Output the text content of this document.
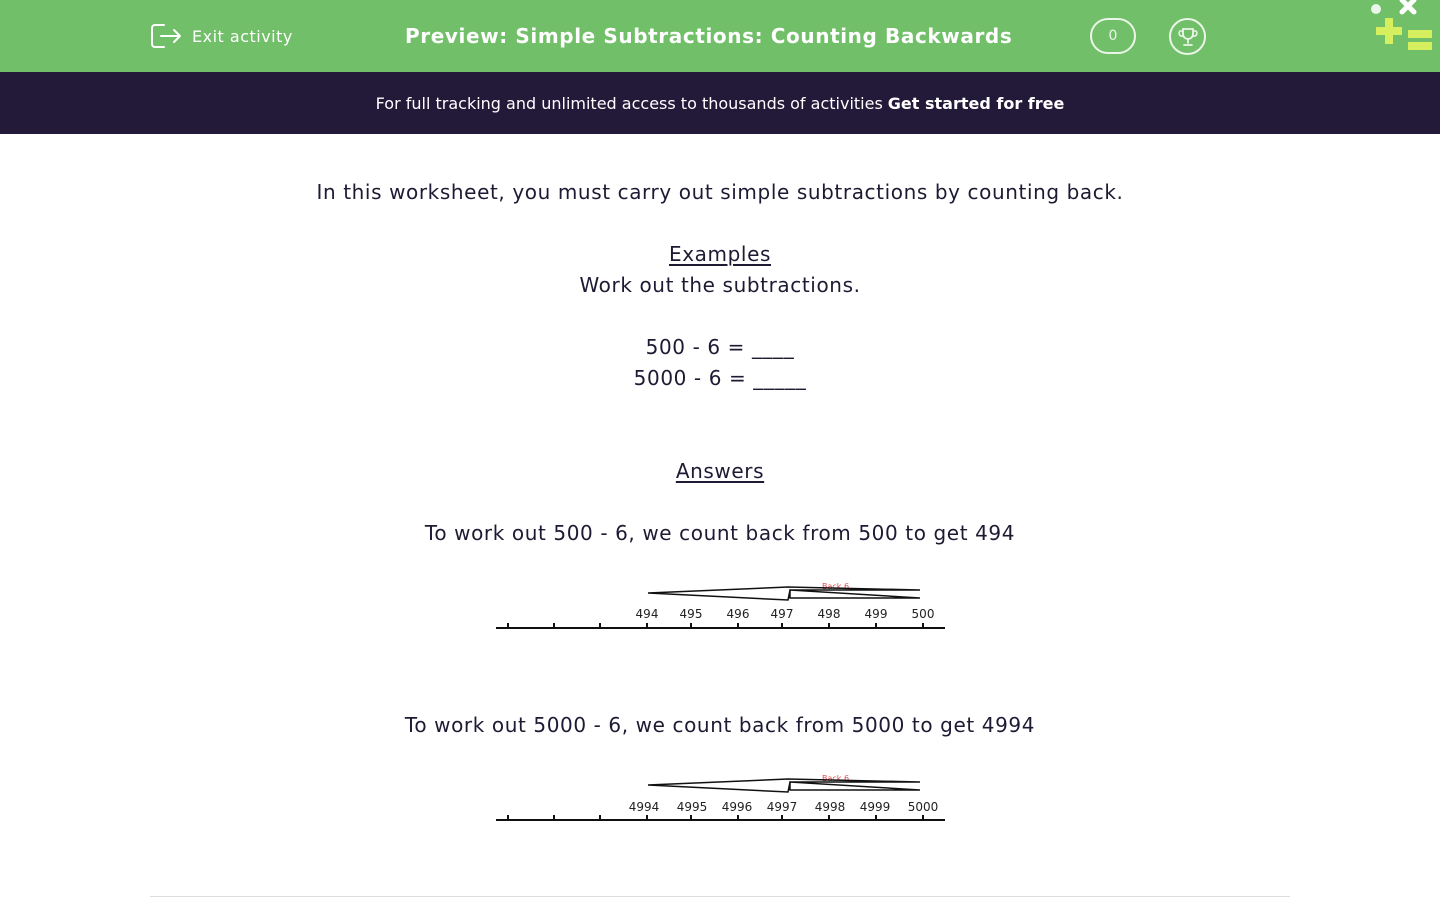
Exit activity	Preview: Simple Subtractions: Counting Backwards	0
For full tracking and unlimited access to thousands of activities Get started for free
In this worksheet, you must carry out simple subtractions by counting back.
Examples
Work out the subtractions.
500 - 6 = ____
5000 - 6 = _____
Answers
To work out 500 - 6, we count back from 500 to get 494
Back 6
494 495 496 497 498 499 500
To work out 5000 - 6, we count back from 5000 to get 4994
Back 6
4994 4995 4996 4997 4998 4999 5000
